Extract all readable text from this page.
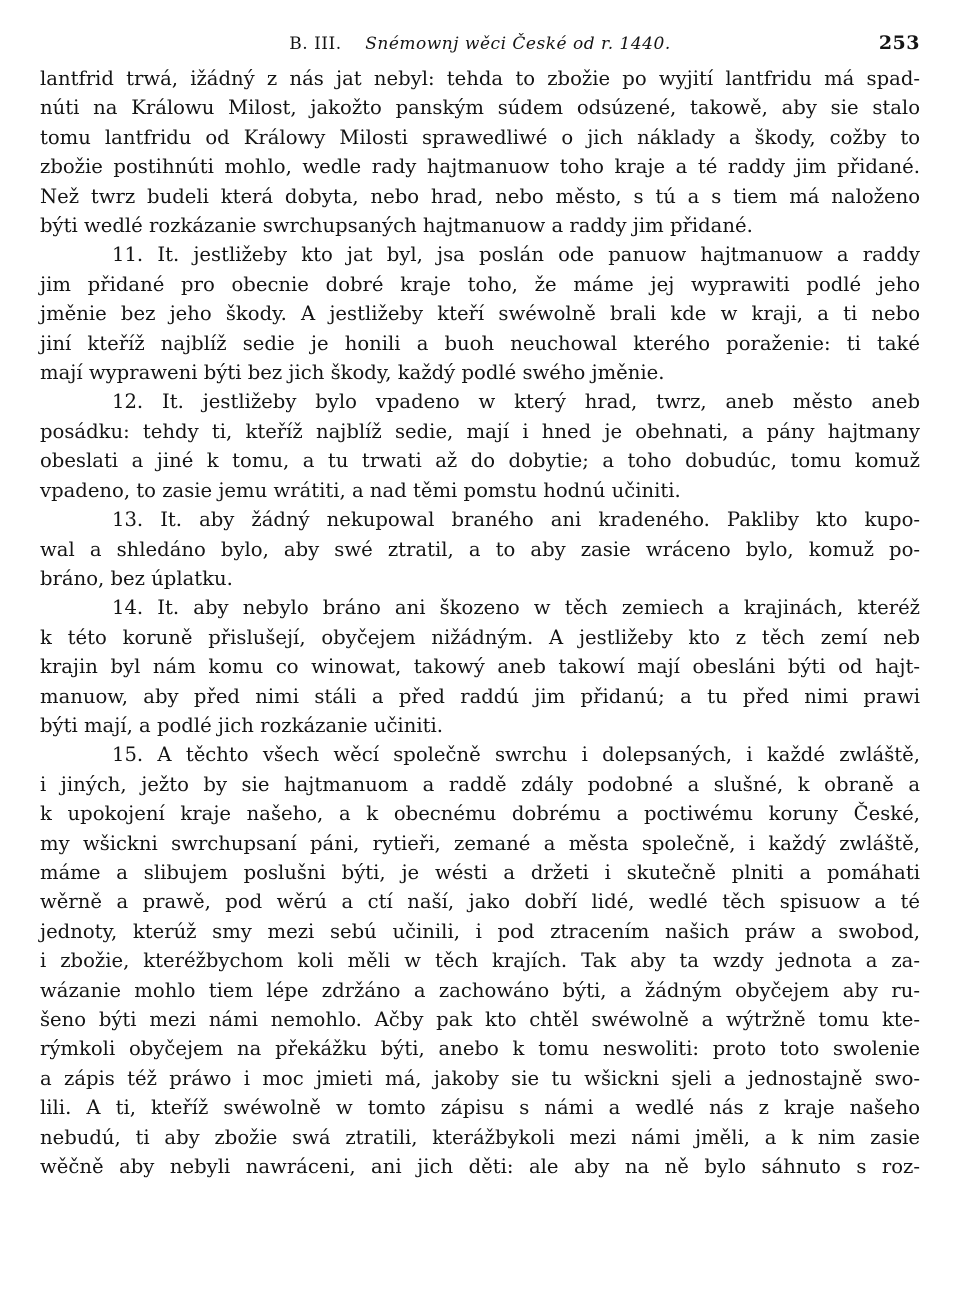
B. III. Snémownj wěci České od r. 1440.	253
lantfrid trwá, ižádný z nás jat nebyl: tehda to zbožie po wyjití lantfridu má spad-
núti na Králowu Milost, jakožto panským súdem odsúzené, takowě, aby sie stalo
tomu lantfridu od Králowy Milosti sprawedliwé o jich náklady a škody, cožby to
zbožie postihnúti mohlo, wedle rady hajtmanuow toho kraje a té raddy jim přidané.
Než twrz budeli která dobyta, nebo hrad, nebo město, s tú a s tiem má naloženo
býti wedlé rozkázanie swrchupsaných hajtmanuow a raddy jim přidané.
11. It. jestližeby kto jat byl, jsa poslán ode panuow hajtmanuow a raddy
jim přidané pro obecnie dobré kraje toho, že máme jej wyprawiti podlé jeho
jměnie bez jeho škody. A jestližeby kteří swéwolně brali kde w kraji, a ti nebo
jiní kteříž najblíž sedie je honili a buoh neuchowal kterého poraženie: ti také
mají wypraweni býti bez jich škody, každý podlé swého jměnie.
12. It. jestližeby bylo vpadeno w který hrad, twrz, aneb město aneb
posádku: tehdy ti, kteříž najblíž sedie, mají i hned je obehnati, a pány hajtmany
obeslati a jiné k tomu, a tu trwati až do dobytie; a toho dobudúc, tomu komuž
vpadeno, to zasie jemu wrátiti, a nad těmi pomstu hodnú učiniti.
13. It. aby žádný nekupowal braného ani kradeného. Pakliby kto kupo-
wal a shledáno bylo, aby swé ztratil, a to aby zasie wráceno bylo, komuž po-
bráno, bez úplatku.
14. It. aby nebylo bráno ani škozeno w těch zemiech a krajinách, kteréž
k této koruně přislušejí, obyčejem nižádným. A jestližeby kto z těch zemí neb
krajin byl nám komu co winowat, takowý aneb takowí mají obesláni býti od hajt-
manuow, aby před nimi stáli a před raddú jim přidanú; a tu před nimi prawi
býti mají, a podlé jich rozkázanie učiniti.
15. A těchto všech wěcí společně swrchu i dolepsaných, i každé zwláště,
i jiných, ježto by sie hajtmanuom a raddě zdály podobné a slušné, k obraně a
k upokojení kraje našeho, a k obecnému dobrému a poctiwému koruny České,
my wšickni swrchupsaní páni, rytieři, zemané a města společně, i každý zwláště,
máme a slibujem poslušni býti, je wésti a držeti i skutečně plniti a pomáhati
wěrně a prawě, pod wěrú a ctí naší, jako dobří lidé, wedlé těch spisuow a té
jednoty, kterúž smy mezi sebú učinili, i pod ztracením našich práw a swobod,
i zbožie, kteréžbychom koli měli w těch krajích. Tak aby ta wzdy jednota a za-
wázanie mohlo tiem lépe zdržáno a zachowáno býti, a žádným obyčejem aby ru-
šeno býti mezi námi nemohlo. Ačby pak kto chtěl swéwolně a wýtržně tomu kte-
rýmkoli obyčejem na překážku býti, anebo k tomu neswoliti: proto toto swolenie
a zápis též práwo i moc jmieti má, jakoby sie tu wšickni sjeli a jednostajně swo-
lili. A ti, kteříž swéwolně w tomto zápisu s námi a wedlé nás z kraje našeho
nebudú, ti aby zbožie swá ztratili, kterážbykoli mezi námi jměli, a k nim zasie
wěčně aby nebyli nawráceni, ani jich děti: ale aby na ně bylo sáhnuto s roz-
